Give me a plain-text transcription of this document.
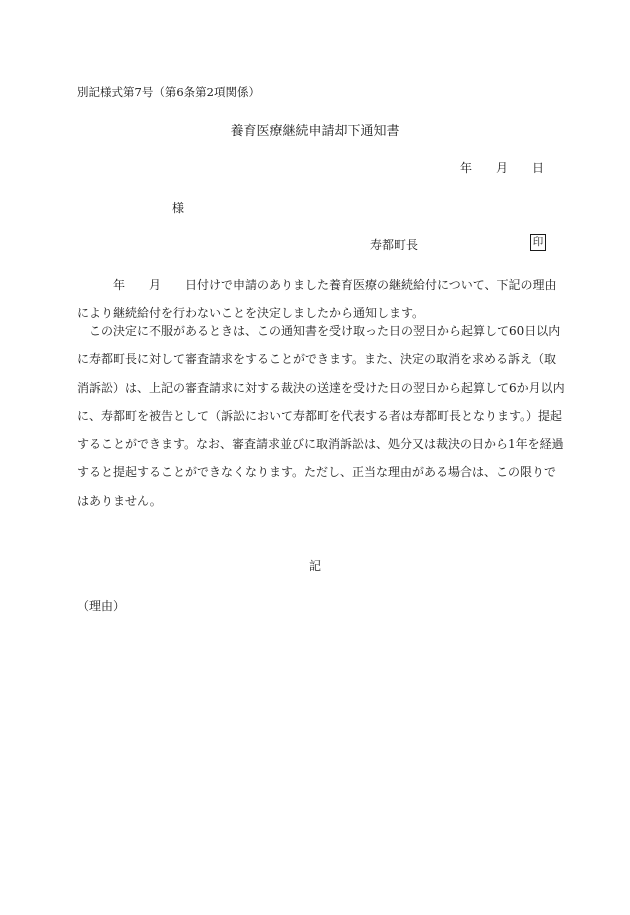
別記様式第7号（第6条第2項関係）
養育医療継続申請却下通知書
年 月 日
様
寿都町長	印
年 月 日付けで申請のありました養育医療の継続給付について、下記の理由
により継続給付を行わないことを決定しましたから通知します。
この決定に不服があるときは、この通知書を受け取った日の翌日から起算して60日以内
に寿都町長に対して審査請求をすることができます。また、決定の取消を求める訴え（取
消訴訟）は、上記の審査請求に対する裁決の送達を受けた日の翌日から起算して6か月以内
に、寿都町を被告として（訴訟において寿都町を代表する者は寿都町長となります。）提起
することができます。なお、審査請求並びに取消訴訟は、処分又は裁決の日から1年を経過
すると提起することができなくなります。ただし、正当な理由がある場合は、この限りで
はありません。
記
（理由）
